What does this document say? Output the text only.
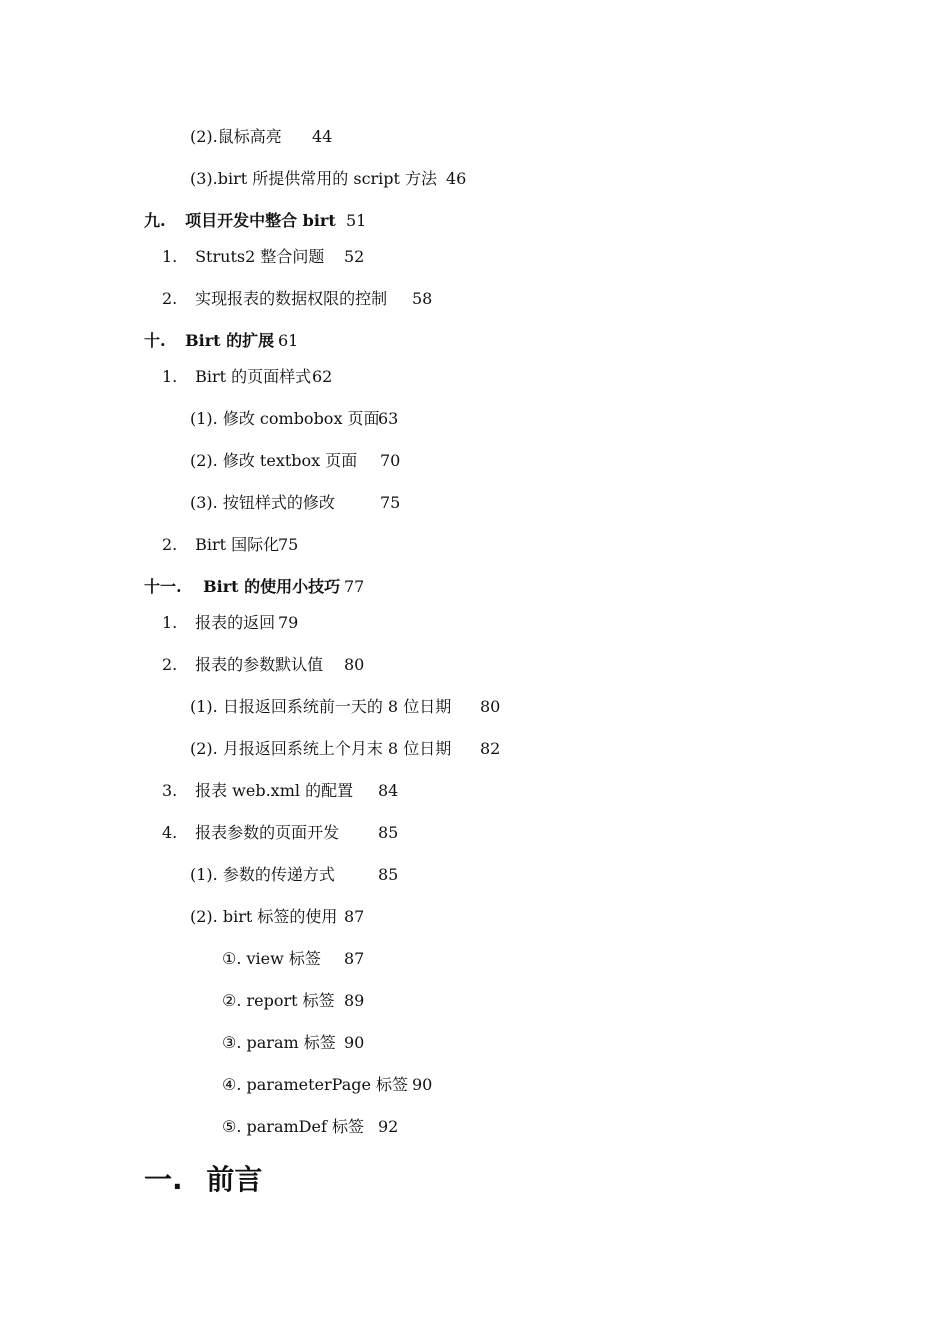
(2).鼠标高亮 44
(3).birt 所提供常用的 script 方法 46
九. 项目开发中整合 birt 51
1. Struts2 整合问题 52
2. 实现报表的数据权限的控制 58
十. Birt 的扩展 61
1. Birt 的页面样式 62
(1). 修改 combobox 页面
63
(2). 修改 textbox 页面 70
(3). 按钮样式的修改	75
2. Birt 国际化
75
十一. Birt 的使用小技巧 77
1. 报表的返回 79
2. 报表的参数默认值 80
(1). 日报返回系统前一天的 8 位日期 80
(2). 月报返回系统上个月末 8 位日期 82
3. 报表 web.xml 的配置 84
4. 报表参数的页面开发 85
(1). 参数的传递方式	85
(2). birt 标签的使用 87
①. view 标签 87
②. report 标签 89
③. param 标签 90
④. parameterPage 标签 90
⑤. paramDef 标签 92
一. 前言
